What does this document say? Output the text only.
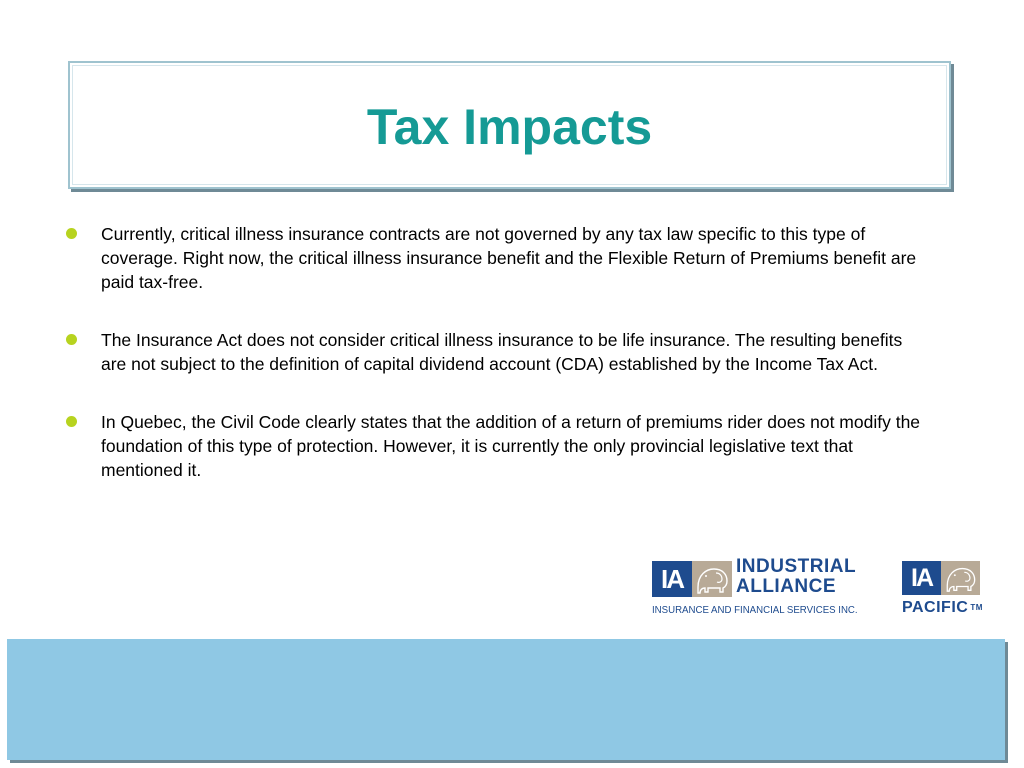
Tax Impacts
Currently, critical illness insurance contracts are not governed by any tax law specific to this type of coverage. Right now, the critical illness insurance benefit and the Flexible Return of Premiums benefit are paid tax-free.
The Insurance Act does not consider critical illness insurance to be life insurance. The resulting benefits are not subject to the definition of capital dividend account (CDA) established by the Income Tax Act.
In Quebec, the Civil Code clearly states that the addition of a return of premiums rider does not modify the foundation of this type of protection. However, it is currently the only provincial legislative text that mentioned it.
IA	INDUSTRIAL
ALLIANCE
INSURANCE AND FINANCIAL SERVICES INC.
IA
PACIFIC ™
